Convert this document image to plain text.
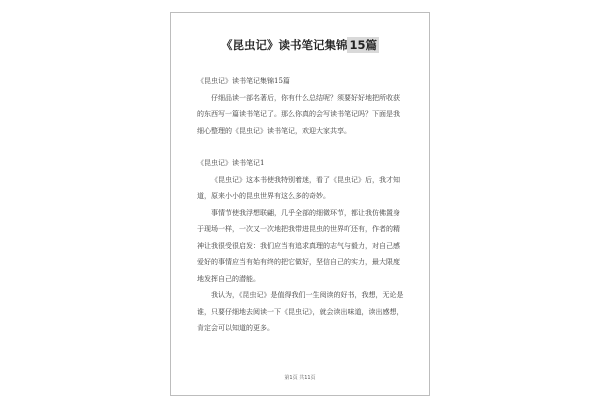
《昆虫记》读书笔记集锦 15篇

《昆虫记》读书笔记集锦15篇

仔细品读一部名著后，你有什么总结呢？须要好好地把所收获的东西写一篇读书笔记了。那么你真的会写读书笔记吗？下面是我细心整理的《昆虫记》读书笔记，欢迎大家共享。

《昆虫记》读书笔记1

《昆虫记》这本书使我特别着迷，看了《昆虫记》后，我才知道，原来小小的昆虫世界有这么多的奇妙。

事情节使我浮想联翩，几乎全部的细微环节，都让我仿佛置身于现场一样，一次又一次地把我带进昆虫的世界吖还有，作者的精神让我很受很启发：我们应当有追求真理的志气与毅力，对自己感爱好的事情应当有始有终的把它做好，坚信自己的实力，最大限度地发挥自己的潜能。

我认为，《昆虫记》是值得我们一生阅读的好书，我想，无论是谁，只要仔细地去阅读一下《昆虫记》，就会读出味道，读出感想，肯定会可以知道的更多。

第1页 共11页
